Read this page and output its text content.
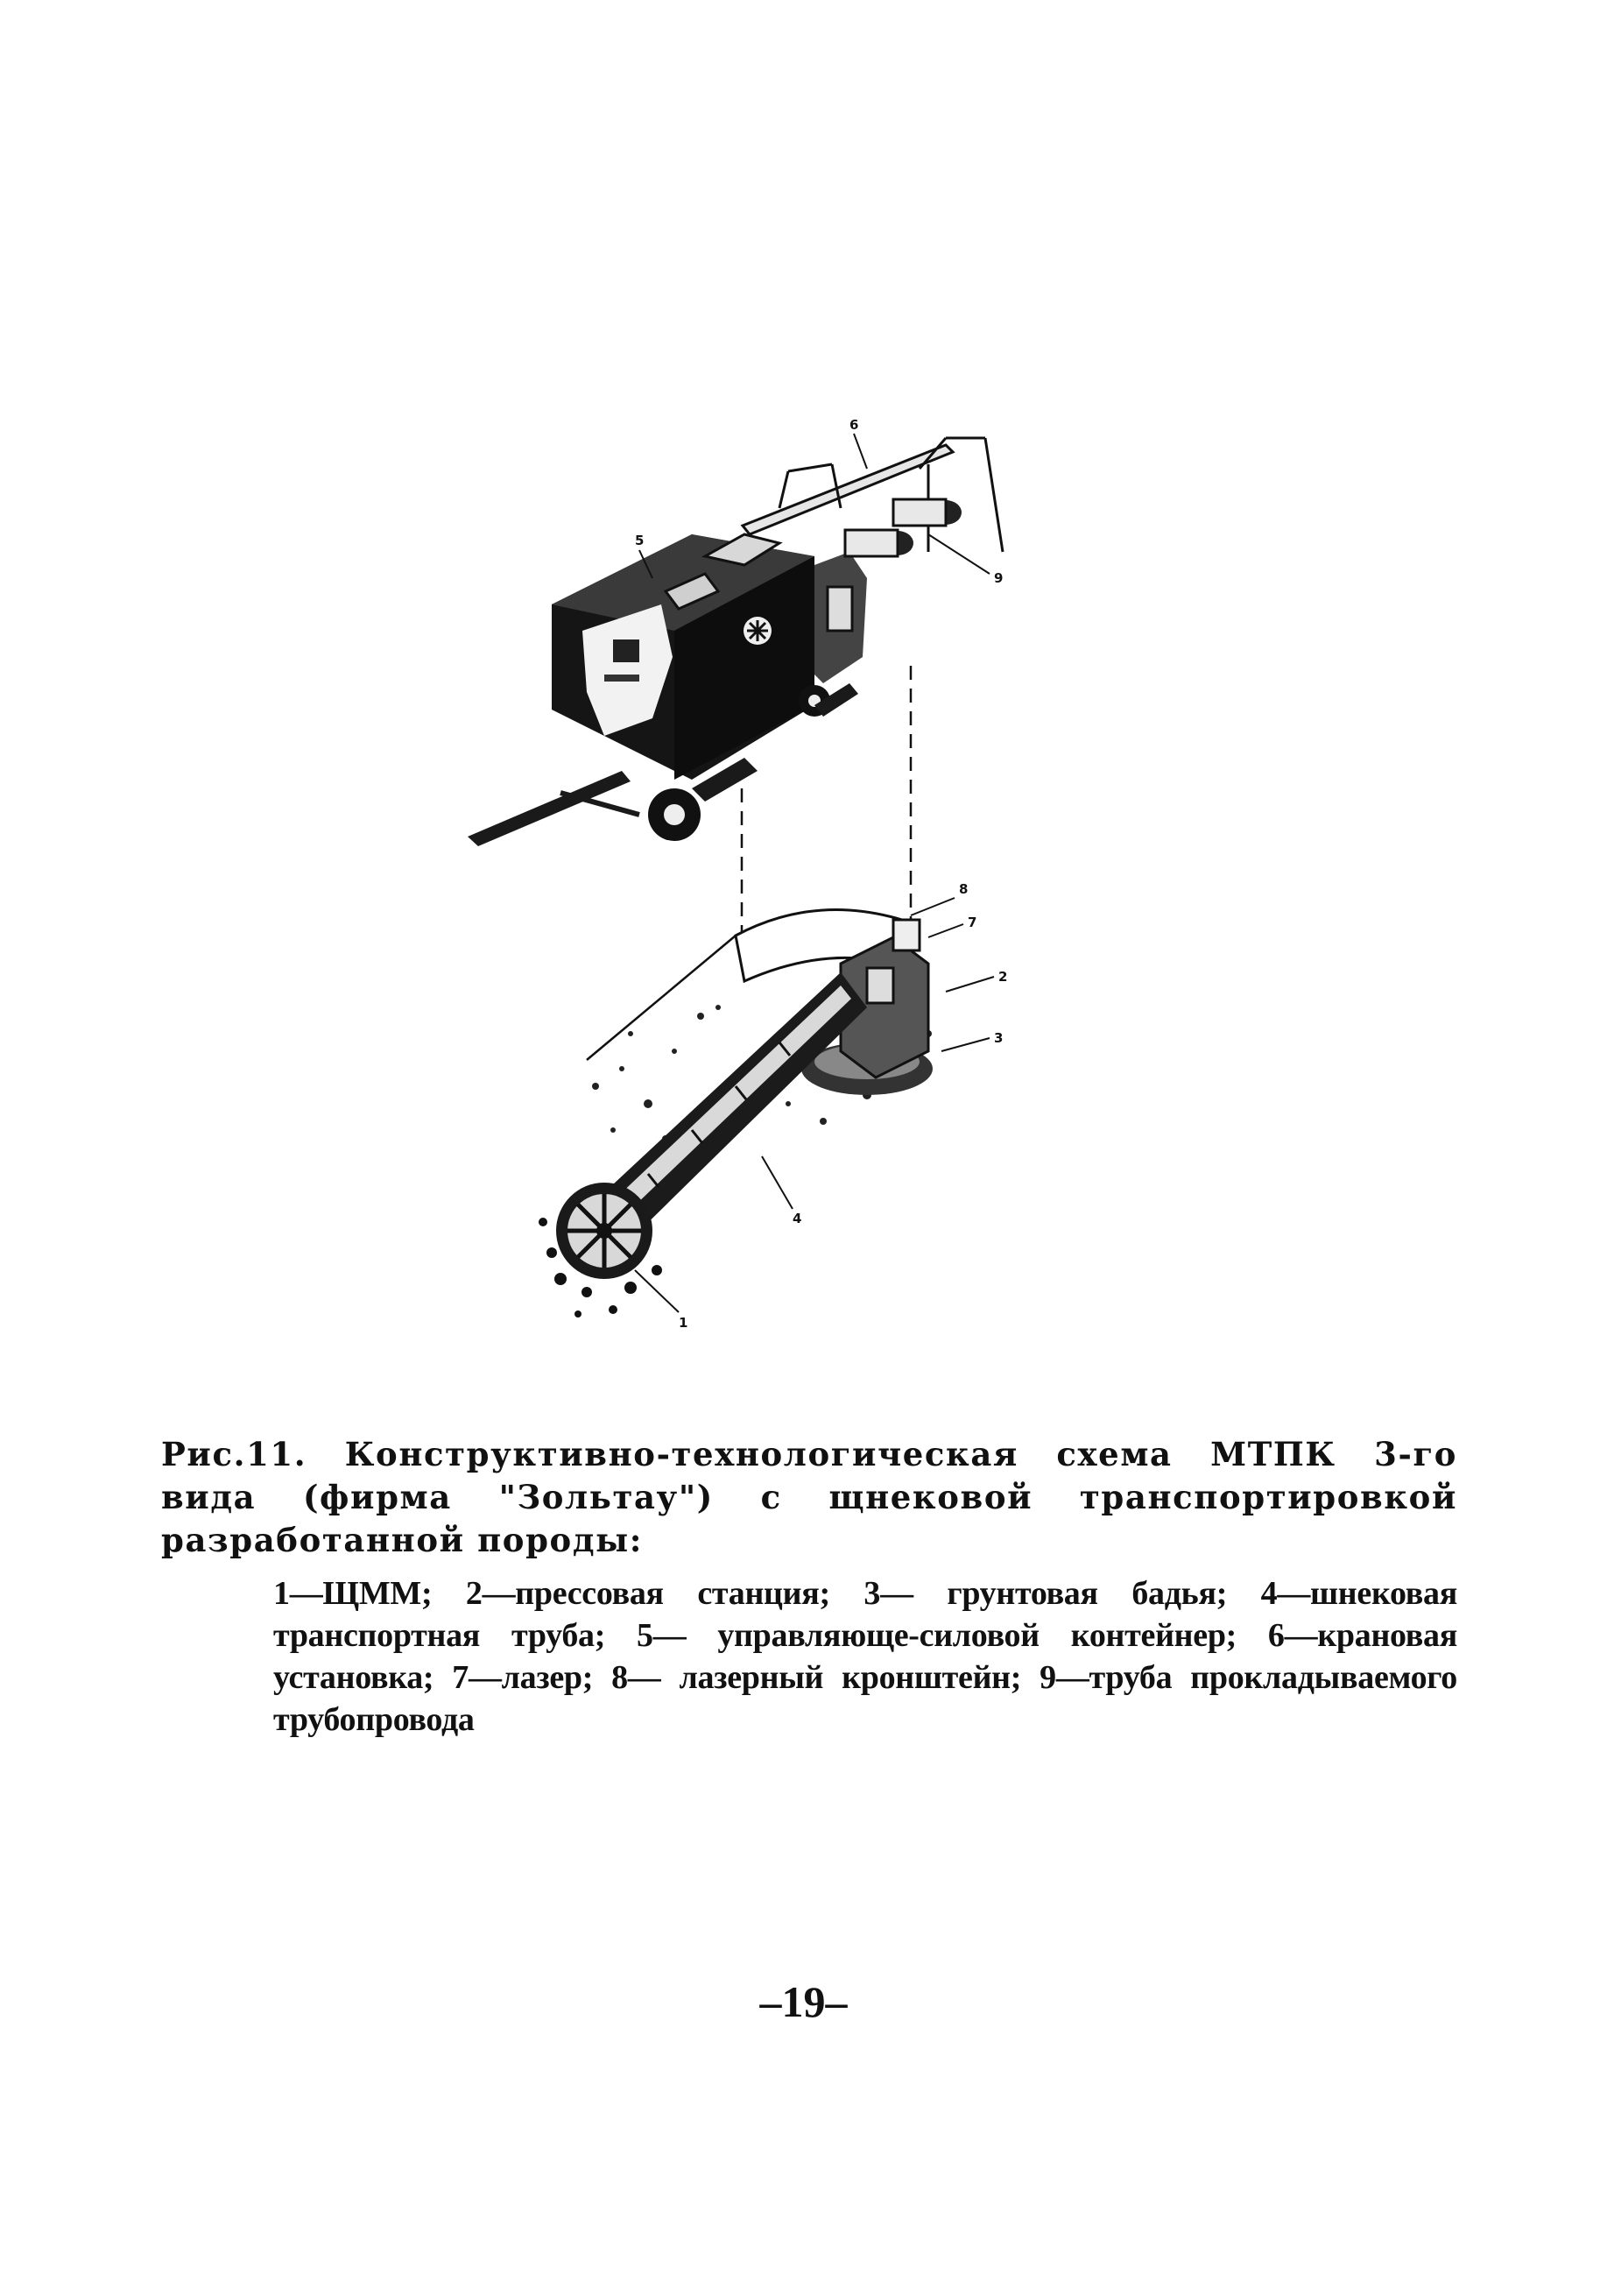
1
2
3
4
5
6
7
8
9

Рис.11. Конструктивно-технологическая схема МТПК 3-го вида (фирма "Зольтау") с щнековой транспортировкой разработанной породы:

1—ЩММ; 2—прессовая станция; 3— грунтовая бадья; 4—шнековая транспортная труба; 5— управляюще-силовой контейнер; 6—крановая установка; 7—лазер; 8— лазерный кронштейн; 9—труба прокладываемого трубопровода

–19–
